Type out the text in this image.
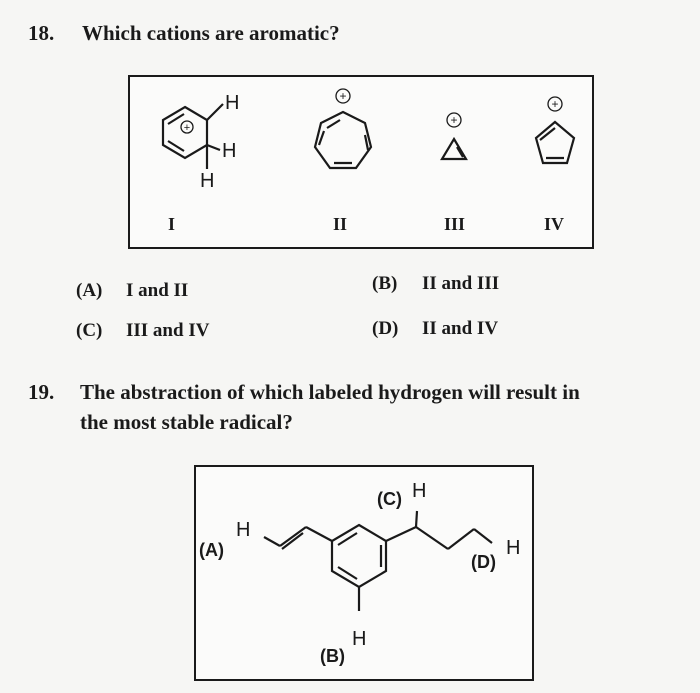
18. Which cations are aromatic?
+
H
H
H
+
+
+
I	II	III	IV
(A) I and II	(B) II and III
(C) III and IV	(D) II and IV
19. The abstraction of which labeled hydrogen will result in
the most stable radical?
(A)
H
(C) H
(D)
H
(B)
H
